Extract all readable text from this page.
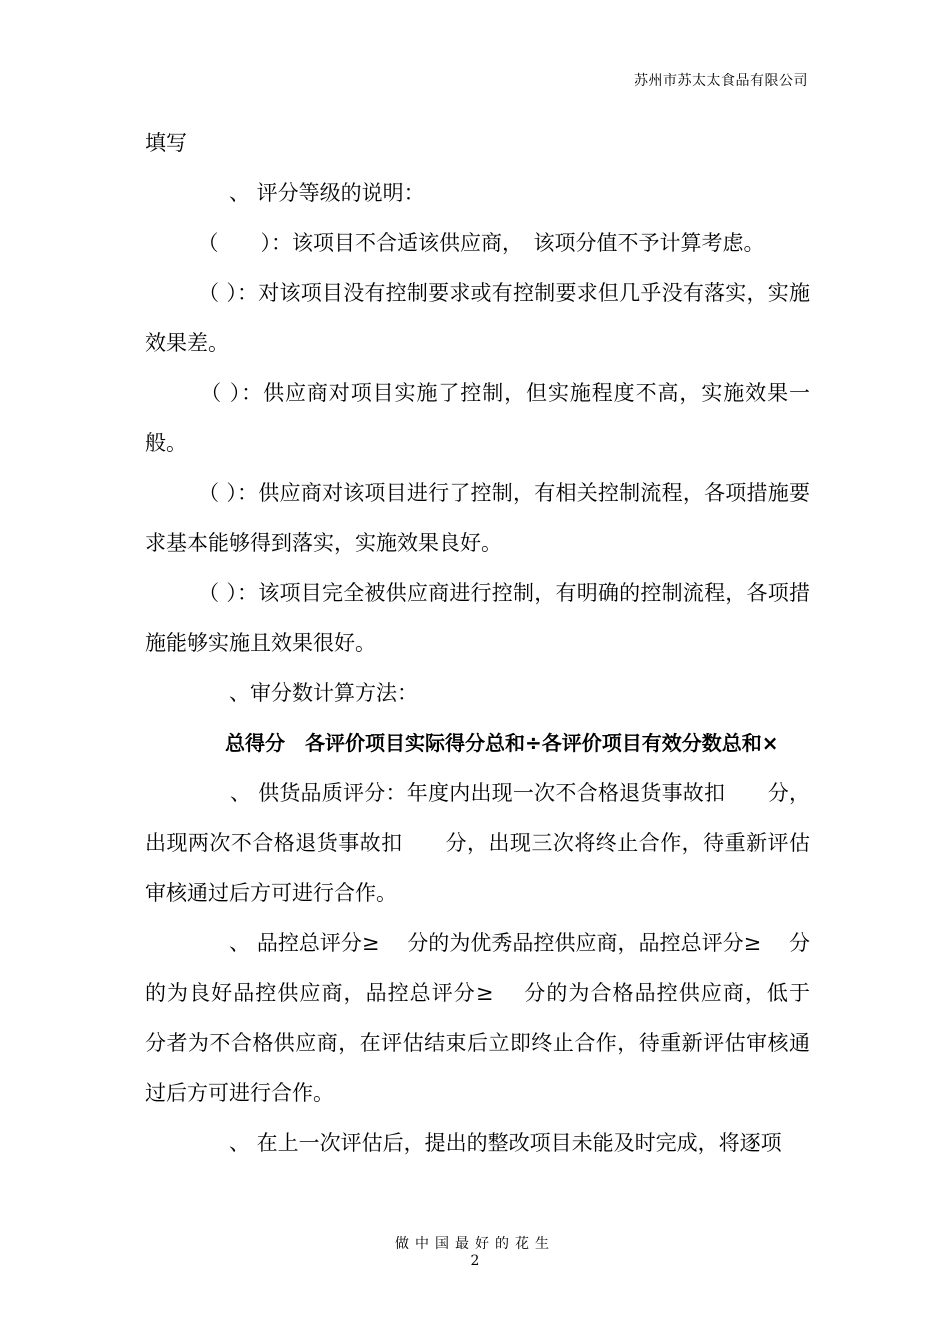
苏州市苏太太食品有限公司

填写

　　　　、 评分等级的说明：

　　　（　　）：该项目不合适该供应商，　该项分值不予计算考虑。

　　　（ ）：对该项目没有控制要求或有控制要求但几乎没有落实，实施效果差。

　　　（ ）：供应商对项目实施了控制，但实施程度不高，实施效果一般。

　　　（ ）：供应商对该项目进行了控制，有相关控制流程，各项措施要求基本能够得到落实，实施效果良好。

　　　（ ）：该项目完全被供应商进行控制，有明确的控制流程，各项措施能够实施且效果很好。

　　　　、审分数计算方法：

　　　　总得分　各评价项目实际得分总和÷各评价项目有效分数总和×

　　　　、 供货品质评分：年度内出现一次不合格退货事故扣　　分，出现两次不合格退货事故扣　　分，出现三次将终止合作，待重新评估审核通过后方可进行合作。

　　　　、 品控总评分≥　 分的为优秀品控供应商，品控总评分≥　 分的为良好品控供应商，品控总评分≥　 分的为合格品控供应商，低于　 分者为不合格供应商，在评估结束后立即终止合作，待重新评估审核通过后方可进行合作。

　　　　、 在上一次评估后，提出的整改项目未能及时完成，将逐项

做中国最好的花生
2
